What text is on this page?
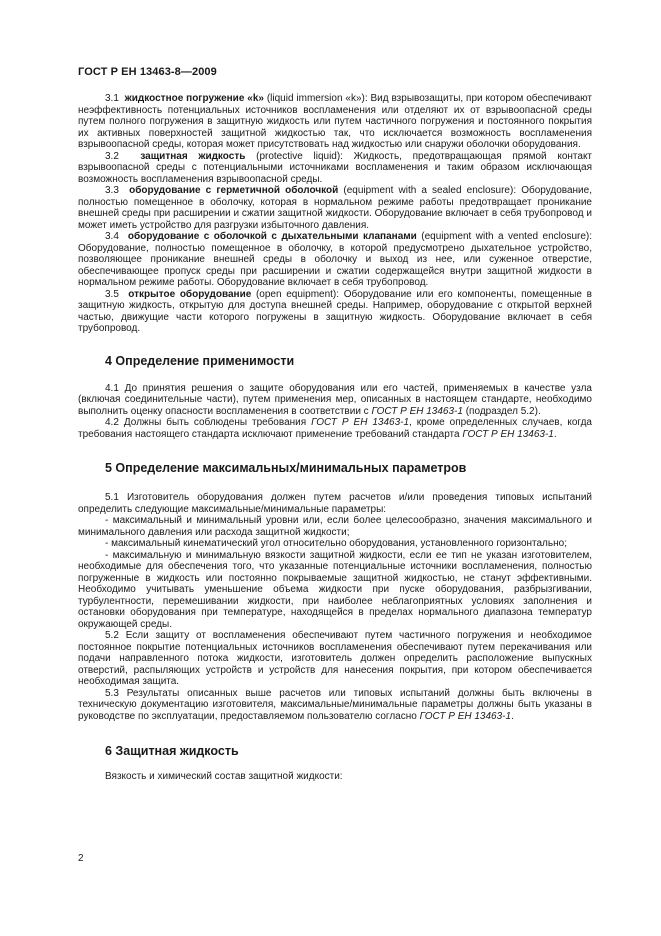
ГОСТ Р ЕН 13463-8—2009

3.1 жидкостное погружение «k» (liquid immersion «k»): Вид взрывозащиты, при котором обеспечивают неэффективность потенциальных источников воспламенения или отделяют их от взрывоопасной среды путем полного погружения в защитную жидкость или путем частичного погружения и постоянного покрытия их активных поверхностей защитной жидкостью так, что исключается возможность воспламенения взрывоопасной среды, которая может присутствовать над жидкостью или снаружи оболочки оборудования.

3.2 защитная жидкость (protective liquid): Жидкость, предотвращающая прямой контакт взрывоопасной среды с потенциальными источниками воспламенения и таким образом исключающая возможность воспламенения взрывоопасной среды.

3.3 оборудование с герметичной оболочкой (equipment with a sealed enclosure): Оборудование, полностью помещенное в оболочку, которая в нормальном режиме работы предотвращает проникание внешней среды при расширении и сжатии защитной жидкости. Оборудование включает в себя трубопровод и может иметь устройство для разгрузки избыточного давления.

3.4 оборудование с оболочкой с дыхательными клапанами (equipment with a vented enclosure): Оборудование, полностью помещенное в оболочку, в которой предусмотрено дыхательное устройство, позволяющее проникание внешней среды в оболочку и выход из нее, или суженное отверстие, обеспечивающее пропуск среды при расширении и сжатии содержащейся внутри защитной жидкости в нормальном режиме работы. Оборудование включает в себя трубопровод.

3.5 открытое оборудование (open equipment): Оборудование или его компоненты, помещенные в защитную жидкость, открытую для доступа внешней среды. Например, оборудование с открытой верхней частью, движущие части которого погружены в защитную жидкость. Оборудование включает в себя трубопровод.

4 Определение применимости

4.1 До принятия решения о защите оборудования или его частей, применяемых в качестве узла (включая соединительные части), путем применения мер, описанных в настоящем стандарте, необходимо выполнить оценку опасности воспламенения в соответствии с ГОСТ Р ЕН 13463-1 (подраздел 5.2).

4.2 Должны быть соблюдены требования ГОСТ Р ЕН 13463-1, кроме определенных случаев, когда требования настоящего стандарта исключают применение требований стандарта ГОСТ Р ЕН 13463-1.

5 Определение максимальных/минимальных параметров

5.1 Изготовитель оборудования должен путем расчетов и/или проведения типовых испытаний определить следующие максимальные/минимальные параметры:

- максимальный и минимальный уровни или, если более целесообразно, значения максимального и минимального давления или расхода защитной жидкости;

- максимальный кинематический угол относительно оборудования, установленного горизонтально;

- максимальную и минимальную вязкости защитной жидкости, если ее тип не указан изготовителем, необходимые для обеспечения того, что указанные потенциальные источники воспламенения, полностью погруженные в жидкость или постоянно покрываемые защитной жидкостью, не станут эффективными. Необходимо учитывать уменьшение объема жидкости при пуске оборудования, разбрызгивании, турбулентности, перемешивании жидкости, при наиболее неблагоприятных условиях заполнения и остановки оборудования при температуре, находящейся в пределах нормального диапазона температур окружающей среды.

5.2 Если защиту от воспламенения обеспечивают путем частичного погружения и необходимое постоянное покрытие потенциальных источников воспламенения обеспечивают путем перекачивания или подачи направленного потока жидкости, изготовитель должен определить расположение выпускных отверстий, распыляющих устройств и устройств для нанесения покрытия, при котором обеспечивается необходимая защита.

5.3 Результаты описанных выше расчетов или типовых испытаний должны быть включены в техническую документацию изготовителя, максимальные/минимальные параметры должны быть указаны в руководстве по эксплуатации, предоставляемом пользователю согласно ГОСТ Р ЕН 13463-1.

6 Защитная жидкость

Вязкость и химический состав защитной жидкости:

2
